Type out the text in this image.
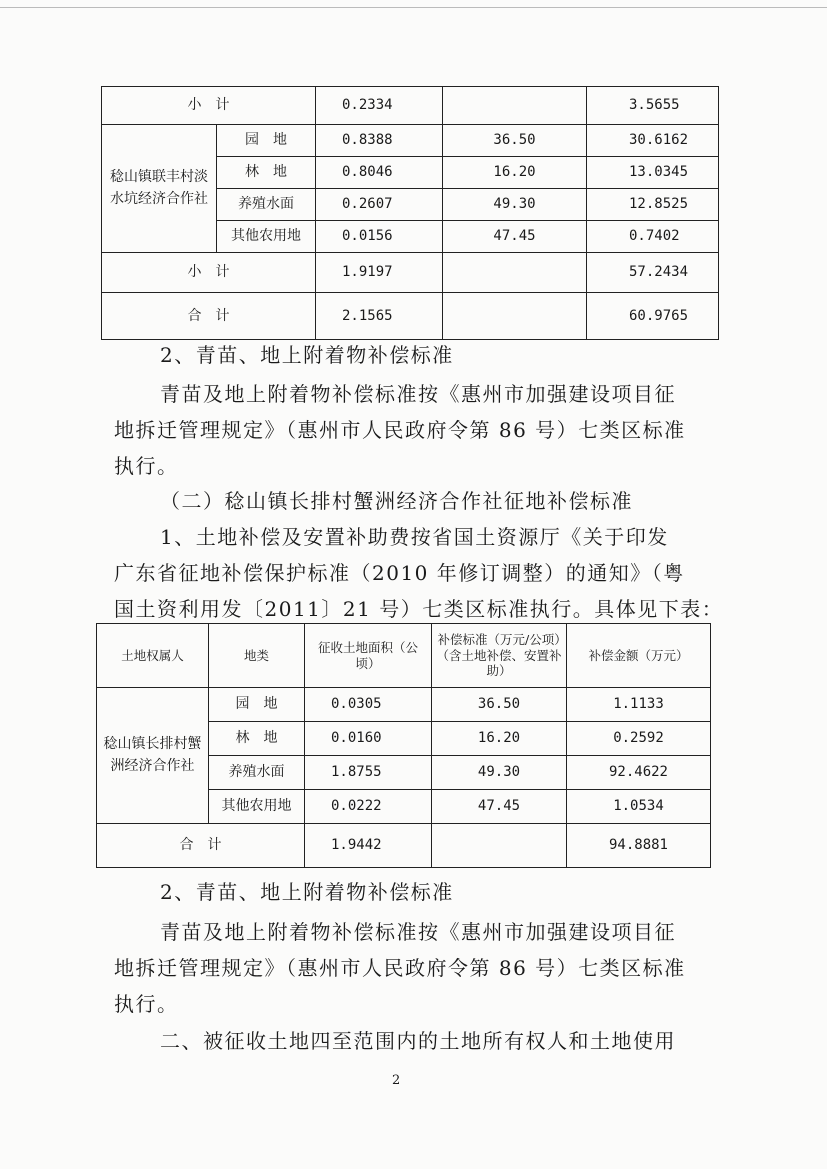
小　计		0.2334		3.5655
稔山镇联丰村淡水坑经济合作社	园　地	0.8388	36.50	30.6162
	林　地	0.8046	16.20	13.0345
	养殖水面	0.2607	49.30	12.8525
	其他农用地	0.0156	47.45	0.7402
小　计		1.9197		57.2434
合　计		2.1565		60.9765
2、青苗、地上附着物补偿标准
青苗及地上附着物补偿标准按《惠州市加强建设项目征
地拆迁管理规定》（惠州市人民政府令第 86 号）七类区标准
执行。
（二）稔山镇长排村蟹洲经济合作社征地补偿标准
1、土地补偿及安置补助费按省国土资源厅《关于印发
广东省征地补偿保护标准（2010 年修订调整）的通知》（粤
国土资利用发〔2011〕21 号）七类区标准执行。具体见下表：
土地权属人	地类	征收土地面积（公顷）	补偿标准（万元/公项）（含土地补偿、安置补助）	补偿金额（万元）
稔山镇长排村蟹洲经济合作社	园　地	0.0305	36.50	1.1133
	林　地	0.0160	16.20	0.2592
	养殖水面	1.8755	49.30	92.4622
	其他农用地	0.0222	47.45	1.0534
合　计		1.9442		94.8881
2、青苗、地上附着物补偿标准
青苗及地上附着物补偿标准按《惠州市加强建设项目征
地拆迁管理规定》（惠州市人民政府令第 86 号）七类区标准
执行。
二、被征收土地四至范围内的土地所有权人和土地使用
2
